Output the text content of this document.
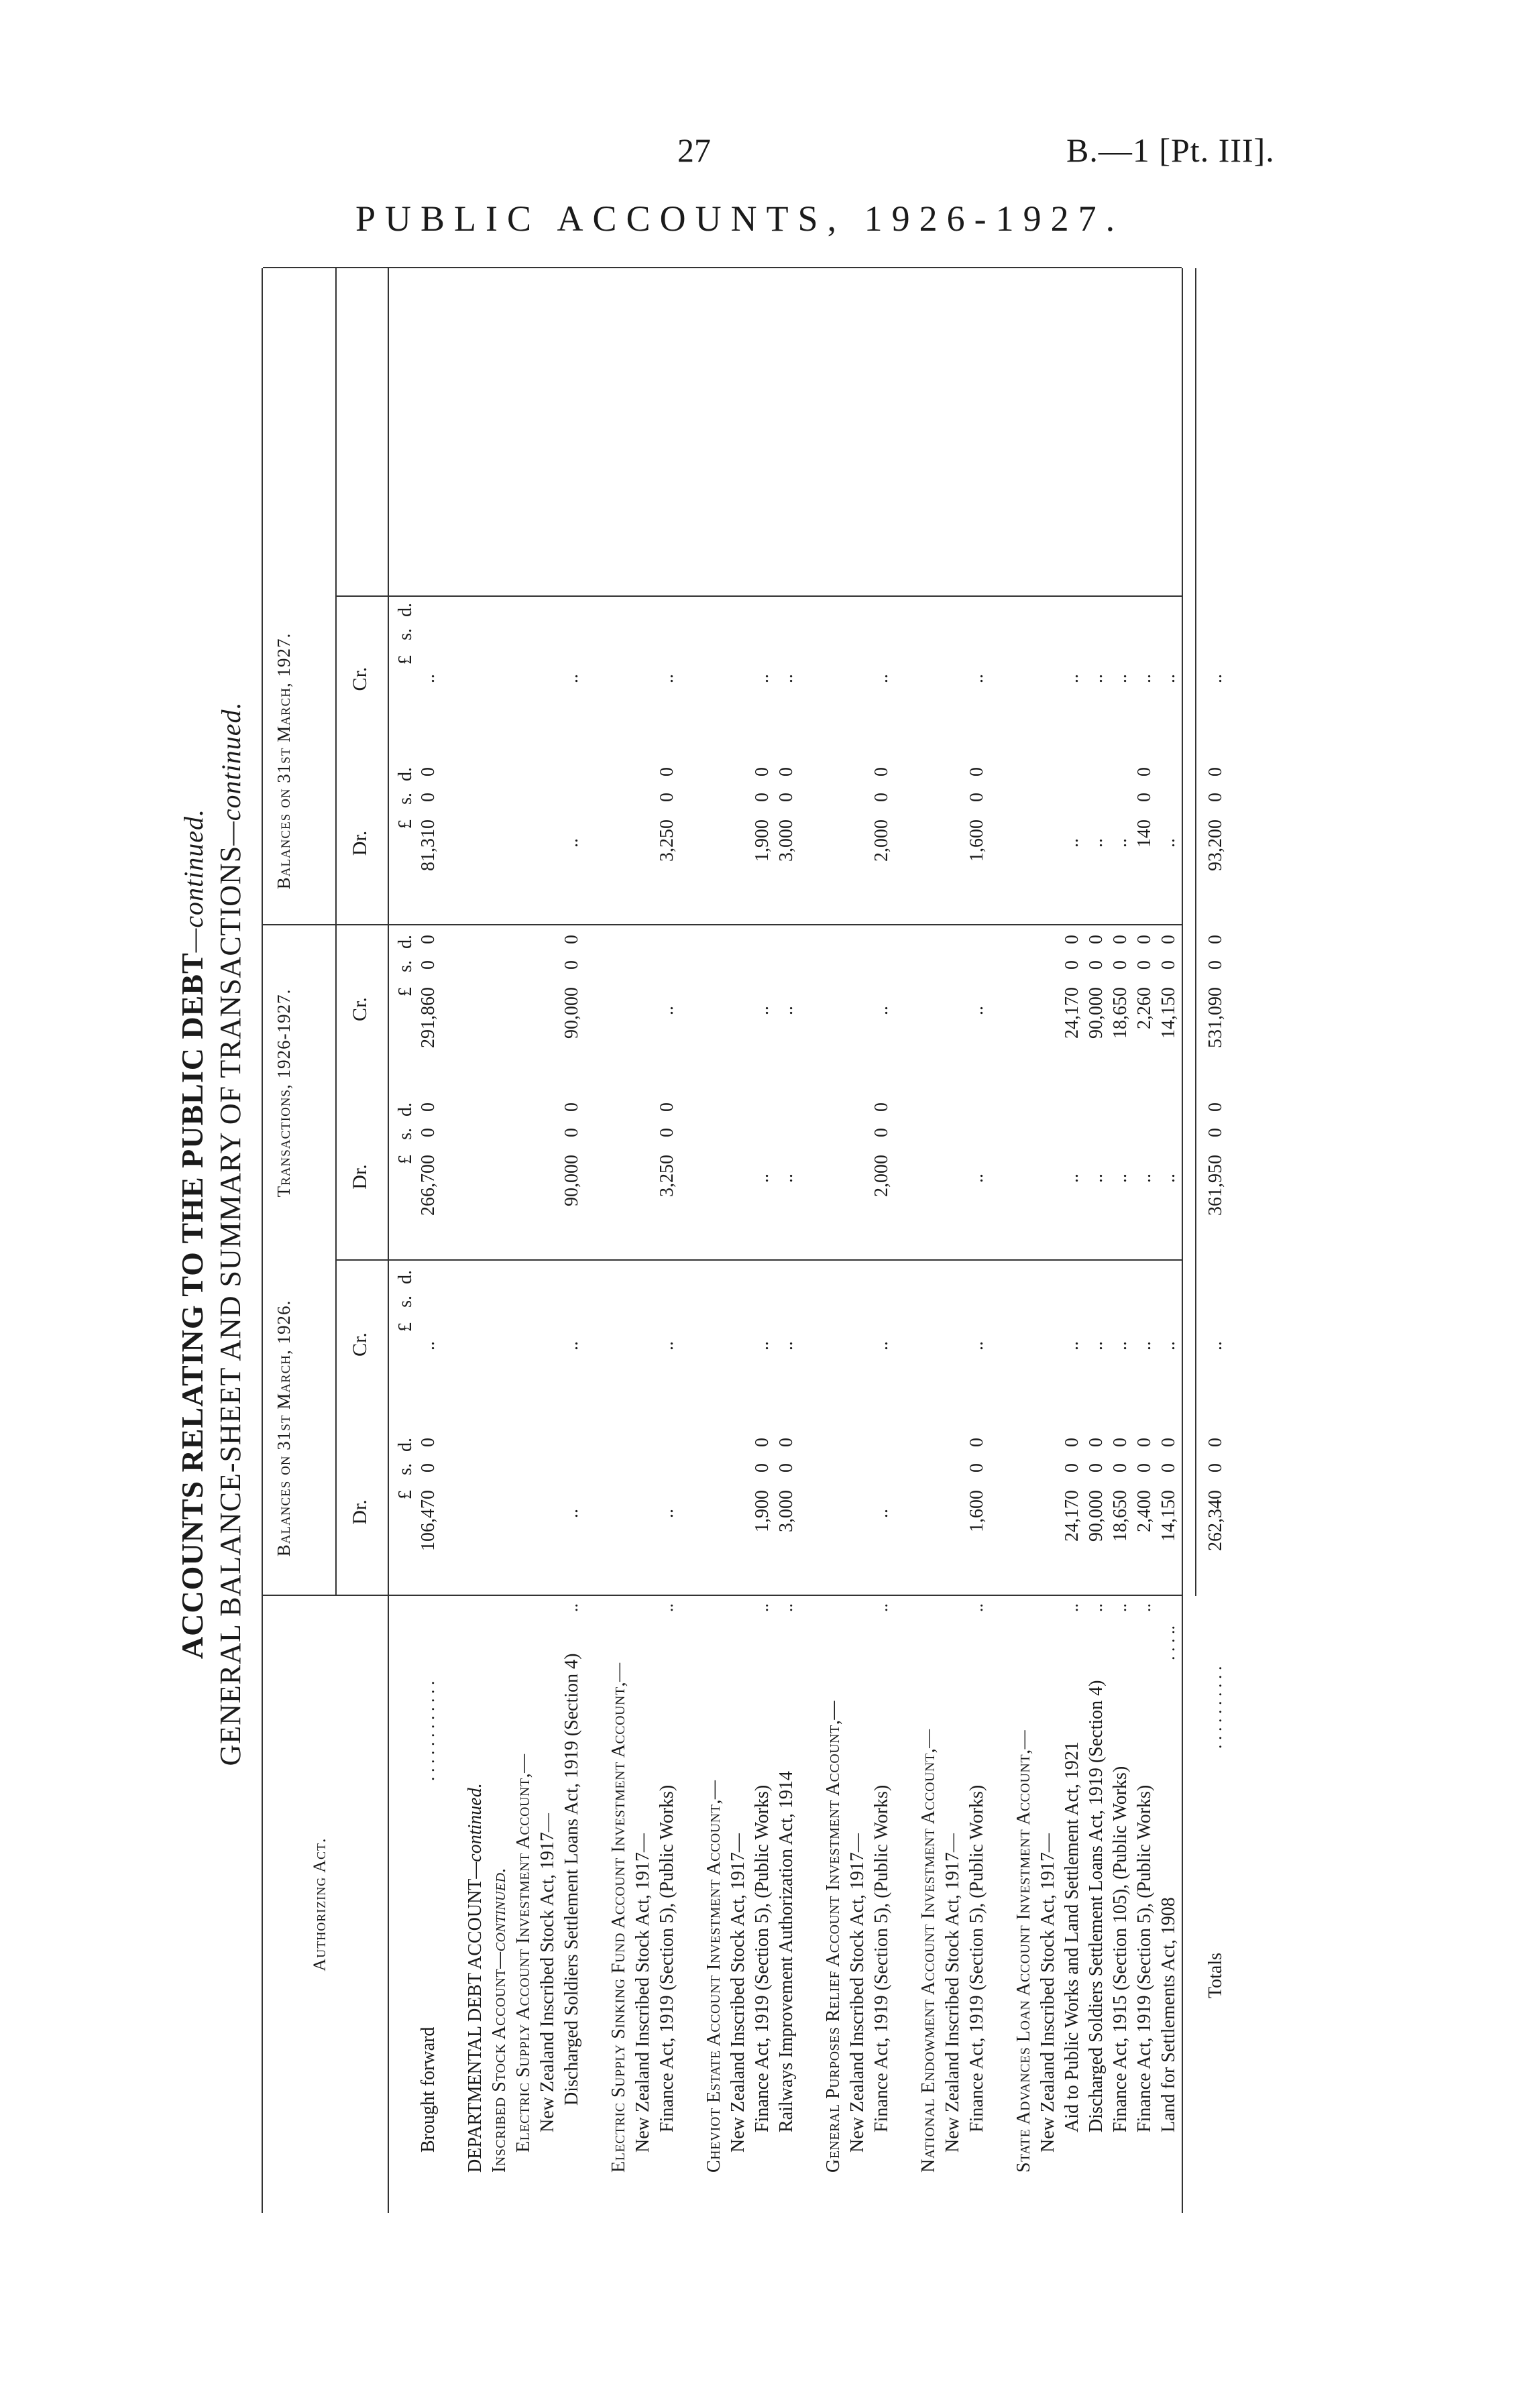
27	B.—1 [Pt. III].
PUBLIC ACCOUNTS, 1926-1927.
ACCOUNTS RELATING TO THE PUBLIC DEBT—continued. GENERAL BALANCE-SHEET AND SUMMARY OF TRANSACTIONS—continued.
Authorizing Act.
Balances on 31st March, 1926.
Transactions, 1926-1927.
Balances on 31st March, 1927.
Dr.
Cr.
Dr.
Cr.
Dr.
Cr.
£
s.
d.
£
s.
d.
£
s.
d.
£
s.
d.
£
s.
d.
£
s.
d.
Brought forward
. . . . . . . . . . . .
106,470
0
0
..
266,700
0
0
291,860
0
0
81,310
0
0
..
DEPARTMENTAL DEBT ACCOUNT—continued.
Inscribed Stock Account—continued. Electric Supply Account Investment Account,— New Zealand Inscribed Stock Act, 1917— Discharged Soldiers Settlement Loans Act, 1919 (Section 4)
..
..
..
90,000
0
0
90,000
0
0
..
..
Electric Supply Sinking Fund Account Investment Account,— New Zealand Inscribed Stock Act, 1917— Finance Act, 1919 (Section 5), (Public Works)
..
..
..
3,250
0
0
..
3,250
0
0
..
Cheviot Estate Account Investment Account,— New Zealand Inscribed Stock Act, 1917— Finance Act, 1919 (Section 5), (Public Works)
..
1,900
0
0
..
..
..
1,900
0
0
..
Railways Improvement Authorization Act, 1914
..
3,000
0
0
..
..
..
3,000
0
0
..
General Purposes Relief Account Investment Account,— New Zealand Inscribed Stock Act, 1917— Finance Act, 1919 (Section 5), (Public Works)
..
..
..
2,000
0
0
..
2,000
0
0
..
National Endowment Account Investment Account,— New Zealand Inscribed Stock Act, 1917— Finance Act, 1919 (Section 5), (Public Works)
..
1,600
0
0
..
..
..
1,600
0
0
..
State Advances Loan Account Investment Account,— New Zealand Inscribed Stock Act, 1917— Aid to Public Works and Land Settlement Act, 1921
..
24,170
0
0
..
..
24,170
0
0
..
..
Discharged Soldiers Settlement Loans Act, 1919 (Section 4)
..
90,000
0
0
..
..
90,000
0
0
..
..
Finance Act, 1915 (Section 105), (Public Works)
..
18,650
0
0
..
..
18,650
0
0
..
..
Finance Act, 1919 (Section 5), (Public Works)
..
2,400
0
0
..
..
2,260
0
0
140
0
0
..
Land for Settlements Act, 1908
. . . ..
14,150
0
0
..
..
14,150
0
0
..
..
Totals
. . . . . . . . . .
262,340
0
0
..
361,950
0
0
531,090
0
0
93,200
0
0
..
